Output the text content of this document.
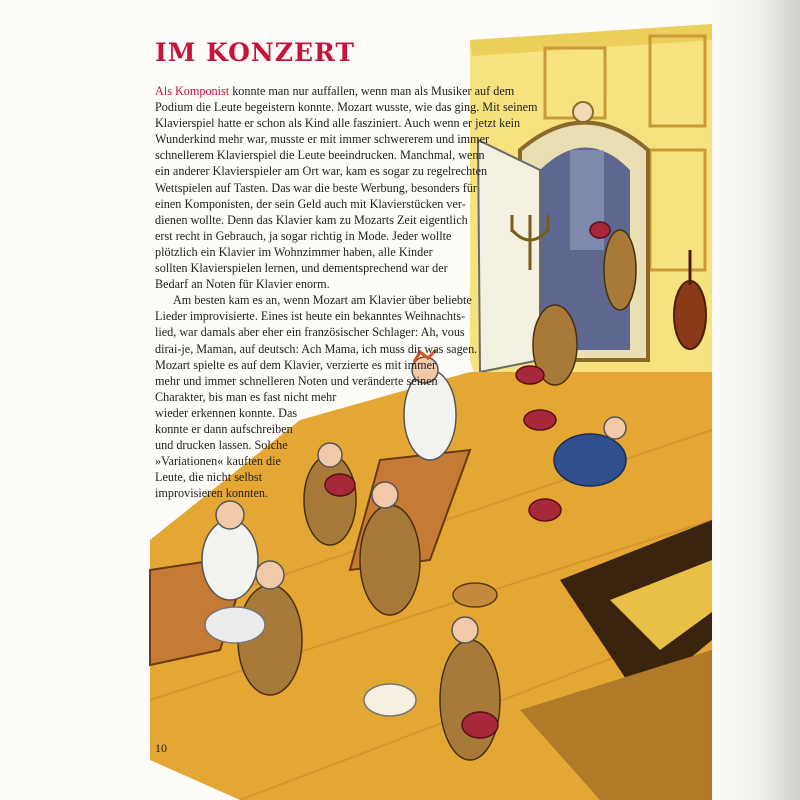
IM KONZERT
Als Komponist konnte man nur auffallen, wenn man als Musiker auf dem
Podium die Leute begeistern konnte. Mozart wusste, wie das ging. Mit seinem
Klavierspiel hatte er schon als Kind alle fasziniert. Auch wenn er jetzt kein
Wunderkind mehr war, musste er mit immer schwererem und immer
schnellerem Klavierspiel die Leute beeindrucken. Manchmal, wenn
ein anderer Klavierspieler am Ort war, kam es sogar zu regelrechten
Wettspielen auf Tasten. Das war die beste Werbung, besonders für
einen Komponisten, der sein Geld auch mit Klavierstücken ver-
dienen wollte. Denn das Klavier kam zu Mozarts Zeit eigentlich
erst recht in Gebrauch, ja sogar richtig in Mode. Jeder wollte
plötzlich ein Klavier im Wohnzimmer haben, alle Kinder
sollten Klavierspielen lernen, und dementsprechend war der
Bedarf an Noten für Klavier enorm.
Am besten kam es an, wenn Mozart am Klavier über beliebte
Lieder improvisierte. Eines ist heute ein bekanntes Weihnachts-
lied, war damals aber eher ein französischer Schlager: Ah, vous
dirai-je, Maman, auf deutsch: Ach Mama, ich muss dir was sagen.
Mozart spielte es auf dem Klavier, verzierte es mit immer
mehr und immer schnelleren Noten und veränderte seinen
Charakter, bis man es fast nicht mehr
wieder erkennen konnte. Das
konnte er dann aufschreiben
und drucken lassen. Solche
»Variationen« kauften die
Leute, die nicht selbst
improvisieren konnten.
10
